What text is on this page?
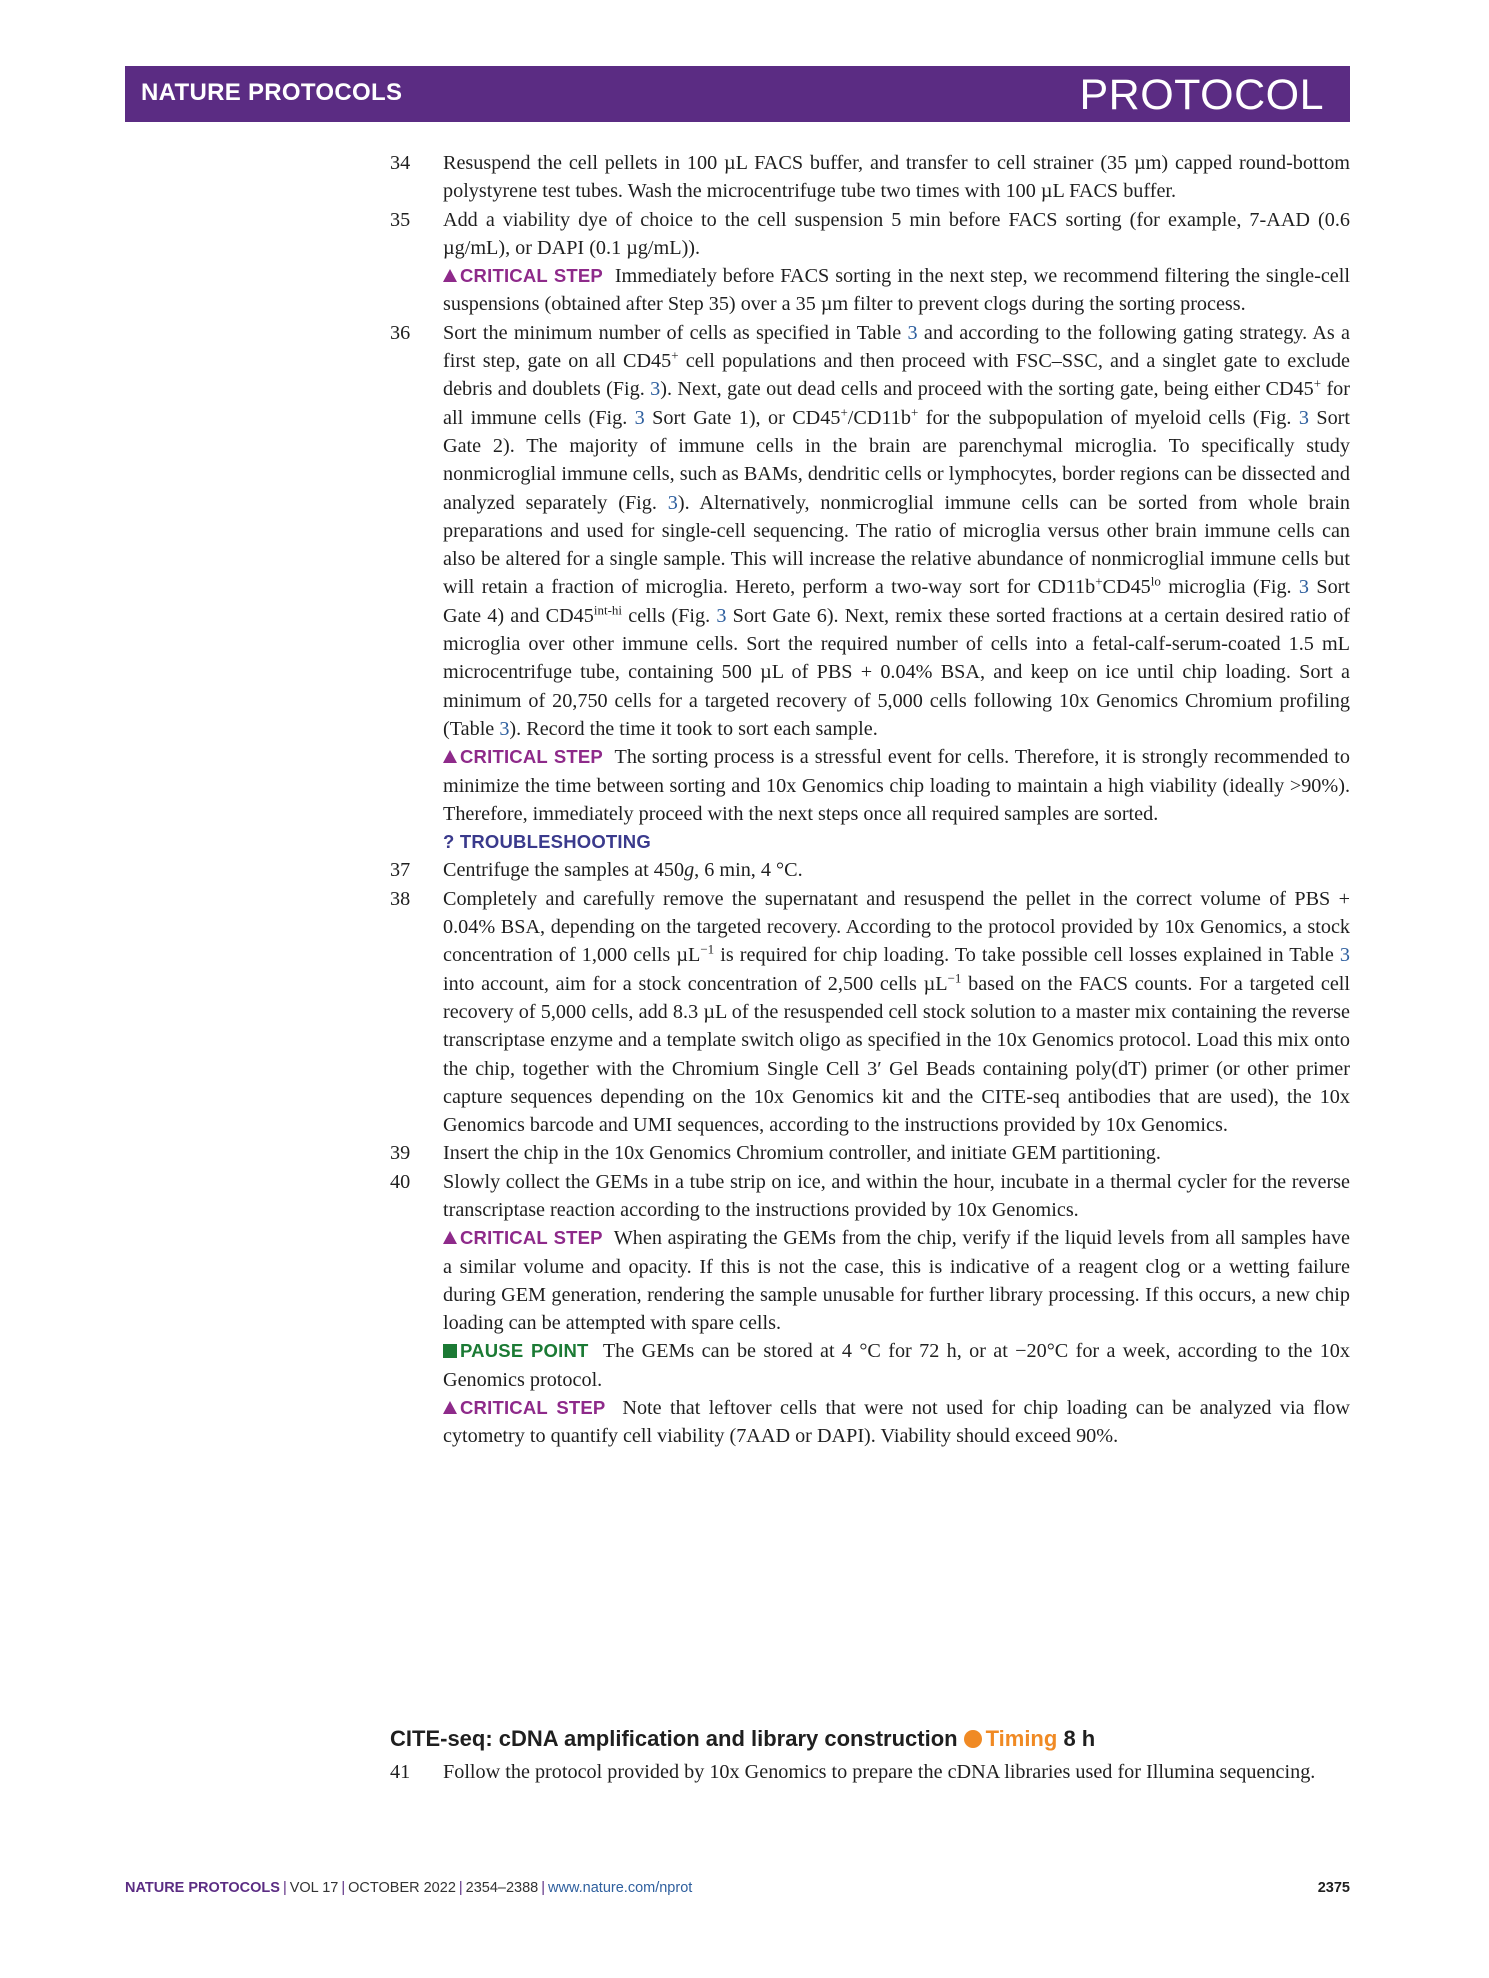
NATURE PROTOCOLS	PROTOCOL
34 Resuspend the cell pellets in 100 µL FACS buffer, and transfer to cell strainer (35 µm) capped round-bottom polystyrene test tubes. Wash the microcentrifuge tube two times with 100 µL FACS buffer.
35 Add a viability dye of choice to the cell suspension 5 min before FACS sorting (for example, 7-AAD (0.6 µg/mL), or DAPI (0.1 µg/mL)).
CRITICAL STEP Immediately before FACS sorting in the next step, we recommend filtering the single-cell suspensions (obtained after Step 35) over a 35 µm filter to prevent clogs during the sorting process.
36 Sort the minimum number of cells as specified in Table 3 and according to the following gating strategy. As a first step, gate on all CD45+ cell populations and then proceed with FSC–SSC, and a singlet gate to exclude debris and doublets (Fig. 3). Next, gate out dead cells and proceed with the sorting gate, being either CD45+ for all immune cells (Fig. 3 Sort Gate 1), or CD45+/CD11b+ for the subpopulation of myeloid cells (Fig. 3 Sort Gate 2). The majority of immune cells in the brain are parenchymal microglia. To specifically study nonmicroglial immune cells, such as BAMs, dendritic cells or lymphocytes, border regions can be dissected and analyzed separately (Fig. 3). Alternatively, nonmicroglial immune cells can be sorted from whole brain preparations and used for single-cell sequencing. The ratio of microglia versus other brain immune cells can also be altered for a single sample. This will increase the relative abundance of nonmicroglial immune cells but will retain a fraction of microglia. Hereto, perform a two-way sort for $CD11b^+CD45^{lo}$ microglia (Fig. 3 Sort Gate 4) and $CD45^{int-hi}$ cells (Fig. 3 Sort Gate 6). Next, remix these sorted fractions at a certain desired ratio of microglia over other immune cells. Sort the required number of cells into a fetal-calf-serum-coated 1.5 mL microcentrifuge tube, containing 500 µL of PBS + 0.04% BSA, and keep on ice until chip loading. Sort a minimum of 20,750 cells for a targeted recovery of 5,000 cells following 10x Genomics Chromium profiling (Table 3). Record the time it took to sort each sample.
CRITICAL STEP The sorting process is a stressful event for cells. Therefore, it is strongly recommended to minimize the time between sorting and 10x Genomics chip loading to maintain a high viability (ideally >90%). Therefore, immediately proceed with the next steps once all required samples are sorted.
? TROUBLESHOOTING
37 Centrifuge the samples at 450g, 6 min, 4 °C.
38 Completely and carefully remove the supernatant and resuspend the pellet in the correct volume of PBS + 0.04% BSA, depending on the targeted recovery. According to the protocol provided by 10x Genomics, a stock concentration of 1,000 cells µL$^{-1}$ is required for chip loading. To take possible cell losses explained in Table 3 into account, aim for a stock concentration of 2,500 cells µL$^{-1}$ based on the FACS counts. For a targeted cell recovery of 5,000 cells, add 8.3 µL of the resuspended cell stock solution to a master mix containing the reverse transcriptase enzyme and a template switch oligo as specified in the 10x Genomics protocol. Load this mix onto the chip, together with the Chromium Single Cell 3′ Gel Beads containing poly(dT) primer (or other primer capture sequences depending on the 10x Genomics kit and the CITE-seq antibodies that are used), the 10x Genomics barcode and UMI sequences, according to the instructions provided by 10x Genomics.
39 Insert the chip in the 10x Genomics Chromium controller, and initiate GEM partitioning.
40 Slowly collect the GEMs in a tube strip on ice, and within the hour, incubate in a thermal cycler for the reverse transcriptase reaction according to the instructions provided by 10x Genomics.
CRITICAL STEP When aspirating the GEMs from the chip, verify if the liquid levels from all samples have a similar volume and opacity. If this is not the case, this is indicative of a reagent clog or a wetting failure during GEM generation, rendering the sample unusable for further library processing. If this occurs, a new chip loading can be attempted with spare cells.
PAUSE POINT The GEMs can be stored at 4 °C for 72 h, or at −20°C for a week, according to the 10x Genomics protocol.
CRITICAL STEP Note that leftover cells that were not used for chip loading can be analyzed via flow cytometry to quantify cell viability (7AAD or DAPI). Viability should exceed 90%.
CITE-seq: cDNA amplification and library construction Timing 8 h
41 Follow the protocol provided by 10x Genomics to prepare the cDNA libraries used for Illumina sequencing.
NATURE PROTOCOLS | VOL 17 | OCTOBER 2022 | 2354–2388 | www.nature.com/nprot	2375
